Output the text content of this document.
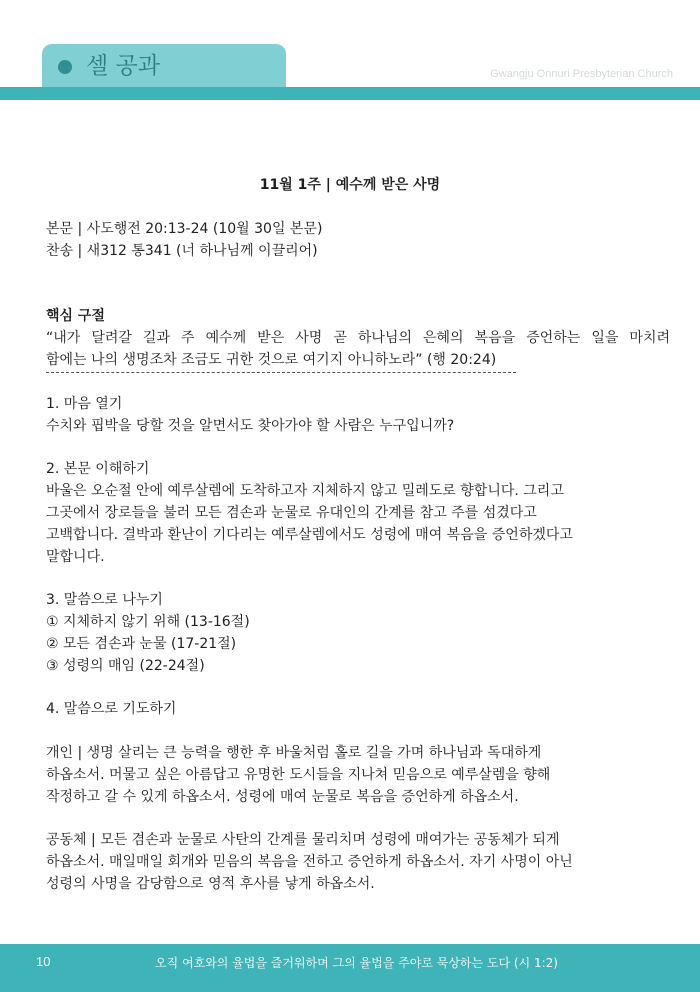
셀 공과	Gwangju Onnuri Presbyterian Church
11월 1주 | 예수께 받은 사명
본문 | 사도행전 20:13-24 (10월 30일 본문)
찬송 | 새312 통341 (너 하나님께 이끌리어)
핵심 구절
“내가 달려갈 길과 주 예수께 받은 사명 곧 하나님의 은혜의 복음을 증언하는 일을 마치려
함에는 나의 생명조차 조금도 귀한 것으로 여기지 아니하노라” (행 20:24)
1. 마음 열기
수치와 핍박을 당할 것을 알면서도 찾아가야 할 사람은 누구입니까?
2. 본문 이해하기
바울은 오순절 안에 예루살렘에 도착하고자 지체하지 않고 밀레도로 향합니다. 그리고
그곳에서 장로들을 불러 모든 겸손과 눈물로 유대인의 간계를 참고 주를 섬겼다고
고백합니다. 결박과 환난이 기다리는 예루살렘에서도 성령에 매여 복음을 증언하겠다고
말합니다.
3. 말씀으로 나누기
① 지체하지 않기 위해 (13-16절)
② 모든 겸손과 눈물 (17-21절)
③ 성령의 매임 (22-24절)
4. 말씀으로 기도하기
개인 | 생명 살리는 큰 능력을 행한 후 바울처럼 홀로 길을 가며 하나님과 독대하게
하옵소서. 머물고 싶은 아름답고 유명한 도시들을 지나쳐 믿음으로 예루살렘을 향해
작정하고 갈 수 있게 하옵소서. 성령에 매여 눈물로 복음을 증언하게 하옵소서.
공동체 | 모든 겸손과 눈물로 사탄의 간계를 물리치며 성령에 매여가는 공동체가 되게
하옵소서. 매일매일 회개와 믿음의 복음을 전하고 증언하게 하옵소서. 자기 사명이 아닌
성령의 사명을 감당함으로 영적 후사를 낳게 하옵소서.
10	오직 여호와의 율법을 즐거워하며 그의 율법을 주야로 묵상하는 도다 (시 1:2)
